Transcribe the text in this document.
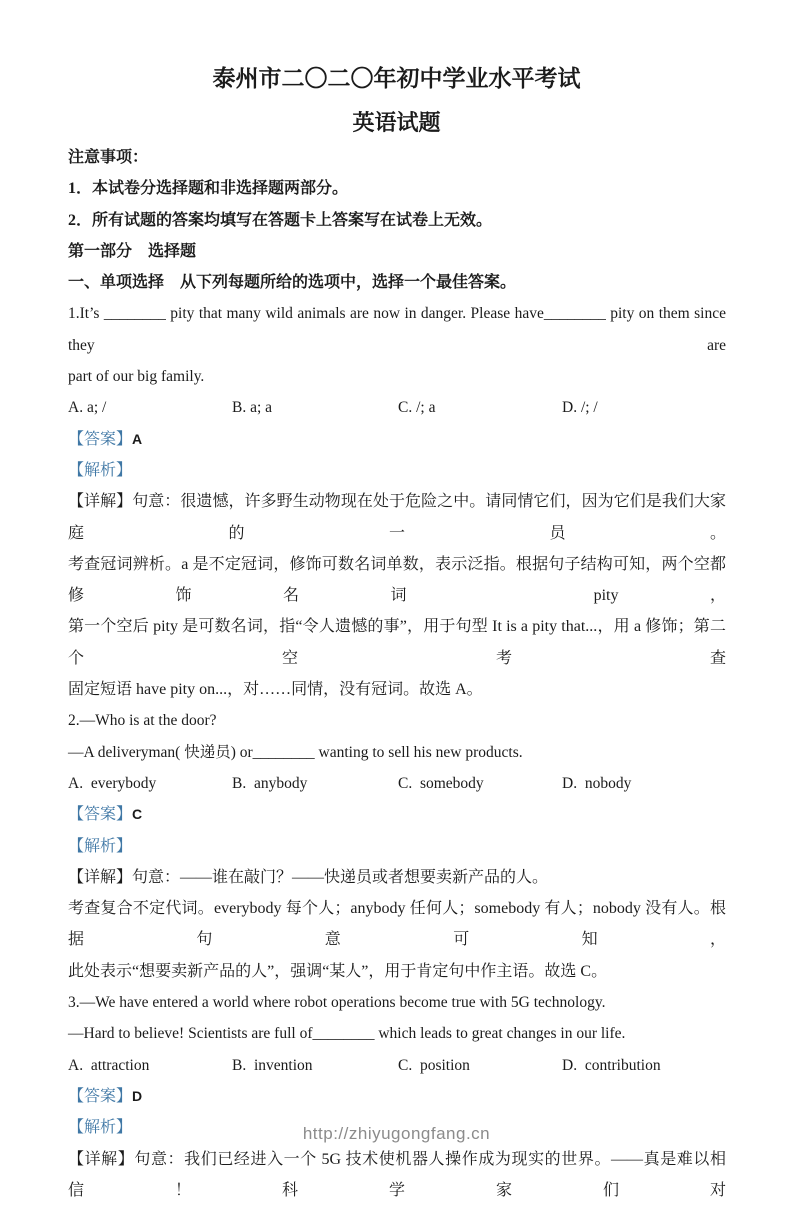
泰州市二〇二〇年初中学业水平考试
英语试题
注意事项：
1．本试卷分选择题和非选择题两部分。
2．所有试题的答案均填写在答题卡上答案写在试卷上无效。
第一部分　选择题
一、单项选择　从下列每题所给的选项中，选择一个最佳答案。
1.It’s ________ pity that many wild animals are now in danger. Please have________ pity on them since they are
part of our big family.
A. a; /	B. a; a	C. /; a	D. /; /
【答案】A
【解析】
【详解】句意：很遗憾，许多野生动物现在处于危险之中。请同情它们，因为它们是我们大家庭的一员。
考查冠词辨析。a 是不定冠词，修饰可数名词单数，表示泛指。根据句子结构可知，两个空都修饰名词 pity，
第一个空后 pity 是可数名词，指“令人遗憾的事”，用于句型 It is a pity that...，用 a 修饰；第二个空考查
固定短语 have pity on...，对……同情，没有冠词。故选 A。
2.—Who is at the door?
—A deliveryman( 快递员) or________ wanting to sell his new products.
A.  everybody	B.  anybody	C.  somebody	D.  nobody
【答案】C
【解析】
【详解】句意：——谁在敲门？——快递员或者想要卖新产品的人。
考查复合不定代词。everybody 每个人；anybody 任何人；somebody 有人；nobody 没有人。根据句意可知，
此处表示“想要卖新产品的人”，强调“某人”，用于肯定句中作主语。故选 C。
3.—We have entered a world where robot operations become true with 5G technology.
—Hard to believe! Scientists are full of________ which leads to great changes in our life.
A.  attraction	B.  invention	C.  position	D.  contribution
【答案】D
【解析】
【详解】句意：我们已经进入一个 5G 技术使机器人操作成为现实的世界。——真是难以相信！科学家们对
http://zhiyugongfang.cn
